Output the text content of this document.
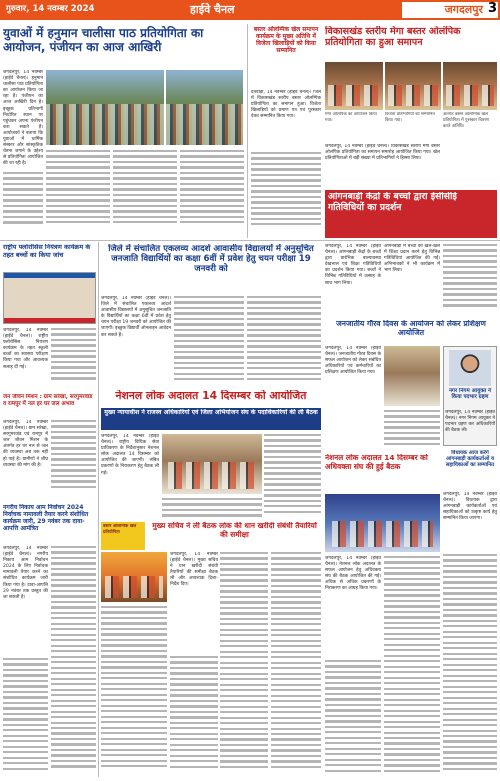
गुरुवार, 14 नवम्बर 2024	हाईवे चैनल	जगदलपुर 3
युवाओं में हनुमान चालीसा पाठ प्रतियोगिता का आयोजन, पंजीयन का आज आखिरी
जगदलपुर, 14 नवम्बर (हाईवे चैनल)। हनुमान चालीसा पाठ प्रतियोगिता का आयोजन किया जा रहा है। पंजीयन का आज आखिरी दिन है। इच्छुक प्रतिभागी निर्धारित स्थान पर पहुंचकर अपना पंजीयन करा सकते हैं। आयोजकों ने बताया कि युवाओं में धार्मिक संस्कार और सांस्कृतिक चेतना जगाने के उद्देश्य से प्रतियोगिता आयोजित की जा रही है।
बस्तर ओलम्पिक खेल समापन कार्यक्रम के मुख्य अतिथि में विजेता खिलाड़ियों को किया सम्मानित
दंतेवाड़ा, 14 नवम्बर (हाईवे चैनल)। जिले में विकासखंड स्तरीय बस्तर ओलम्पिक प्रतियोगिता का समापन हुआ। विजेता खिलाड़ियों को प्रमाण पत्र एवं पुरस्कार देकर सम्मानित किया गया।
विकासखंड स्तरीय मेगा बस्तर ओलंपिक प्रतियोगिता का हुआ समापन
मेगा ओलंपिक का आयोजन किया गया।
विजेता प्रतिभागियों को सम्मानित किया गया।
अंतर्गत बस्तर ओलम्पिक खेल प्रतियोगिता में पुरस्कार वितरण करते अतिथि।
जगदलपुर, 14 नवम्बर (हाईवे चैनल)। विकासखंड स्तरीय मेगा बस्तर ओलंपिक प्रतियोगिता का समापन समारोह आयोजित किया गया। खेल प्रतियोगिताओं में बड़ी संख्या में प्रतिभागियों ने हिस्सा लिया।
आंगनबाड़ी केंद्रों के बच्चों द्वारा ईसीसीई गतिविधियों का प्रदर्शन
जगदलपुर, 14 नवम्बर (हाईवे चैनल)। आंगनबाड़ी केंद्रों के बच्चों द्वारा प्रारंभिक बाल्यावस्था देखभाल एवं शिक्षा गतिविधियों का प्रदर्शन किया गया। बच्चों ने विभिन्न गतिविधियों में उत्साह के साथ भाग लिया।
आंगनबाड़ी में बच्चों को खेल-खेल में शिक्षा प्रदान करने हेतु विभिन्न गतिविधियां आयोजित की गईं। अभिभावकों ने भी कार्यक्रम में भाग लिया।
राष्ट्रीय फ्लोरोसिस नियंत्रण कार्यक्रम के तहत बच्चों का किया जांच
जगदलपुर, 14 नवम्बर (हाईवे चैनल)। राष्ट्रीय फ्लोरोसिस नियंत्रण कार्यक्रम के तहत स्कूली बच्चों का स्वास्थ्य परीक्षण किया गया और आवश्यक सलाह दी गई।
जन जीवन मिशन : ग्राम सरेखा, सरगुमरवांड व रामपुर में नल हर घर जल अभाव
जगदलपुर, 14 नवम्बर (हाईवे चैनल)। ग्राम सरेखा, सरगुमरवांड एवं रामपुर में जल जीवन मिशन के अंतर्गत हर घर नल से जल की व्यवस्था अब तक नहीं हो पाई है। ग्रामीणों ने शीघ्र व्यवस्था की मांग की है।
नगरीय निकाय आम निर्वाचन 2024 निर्वाचक नामावली तैयार करने संशोधित कार्यक्रम जारी, 29 नवंबर तक दावा-आपत्ति आमंत्रित
जगदलपुर, 14 नवम्बर (हाईवे चैनल)। नगरीय निकाय आम निर्वाचन 2024 के लिए निर्वाचक नामावली तैयार करने का संशोधित कार्यक्रम जारी किया गया है। दावा-आपत्ति 29 नवंबर तक प्रस्तुत की जा सकती है।
जिले में संचालित एकलव्य आदर्श आवासीय विद्यालयों में अनुसूचित जनजाति विद्यार्थियों का कक्षा 6वीं में प्रवेश हेतु चयन परीक्षा 19 जनवरी को
जगदलपुर, 14 नवम्बर (हाईवे चैनल)। जिले में संचालित एकलव्य आदर्श आवासीय विद्यालयों में अनुसूचित जनजाति के विद्यार्थियों का कक्षा 6वीं में प्रवेश हेतु चयन परीक्षा 19 जनवरी को आयोजित की जाएगी। इच्छुक विद्यार्थी ऑनलाइन आवेदन कर सकते हैं।
नेशनल लोक अदालत 14 दिसम्बर को आयोजित
मुख्य न्यायाधीश ने राजस्व अधिकारियों एवं जिला अभियोजन संघ के पदाधिकारियों की ली बैठक
जगदलपुर, 14 नवम्बर (हाईवे चैनल)। राष्ट्रीय विधिक सेवा प्राधिकरण के निर्देशानुसार नेशनल लोक अदालत 14 दिसम्बर को आयोजित की जाएगी। लंबित प्रकरणों के निराकरण हेतु बैठक ली गई।
जनजातीय गौरव दिवस के आयोजन को लेकर प्रशिक्षण आयोजित
जगदलपुर, 14 नवम्बर (हाईवे चैनल)। जनजातीय गौरव दिवस के सफल आयोजन को लेकर संबंधित अधिकारियों एवं कर्मचारियों का प्रशिक्षण आयोजित किया गया।
नगर निगम आयुक्त ने किया पदभार ग्रहण
जगदलपुर, 14 नवम्बर (हाईवे चैनल)। नगर निगम आयुक्त ने पदभार ग्रहण कर अधिकारियों की बैठक ली।
विधायक आज करेंगे आंगनबाड़ी कार्यकर्ताओं व सहायिकाओं का सम्मानित
जगदलपुर, 14 नवम्बर (हाईवे चैनल)। विधायक द्वारा आंगनबाड़ी कार्यकर्ताओं एवं सहायिकाओं को उत्कृष्ट कार्य हेतु सम्मानित किया जाएगा।
बस्तर ओलम्पिक खेल प्रतियोगिता
मुख्य सचिव ने ली बैठक लोक की धान खरीदी संबंधी तैयारियों की समीक्षा
जगदलपुर, 14 नवम्बर (हाईवे चैनल)। मुख्य सचिव ने धान खरीदी संबंधी तैयारियों की समीक्षा बैठक ली और आवश्यक दिशा-निर्देश दिए।
नेशनल लोक अदालत 14 दिसम्बर को अधिवक्ता संघ की हुई बैठक
जगदलपुर, 14 नवम्बर (हाईवे चैनल)। नेशनल लोक अदालत के सफल आयोजन हेतु अधिवक्ता संघ की बैठक आयोजित की गई। अधिक से अधिक प्रकरणों के निराकरण का आग्रह किया गया।
